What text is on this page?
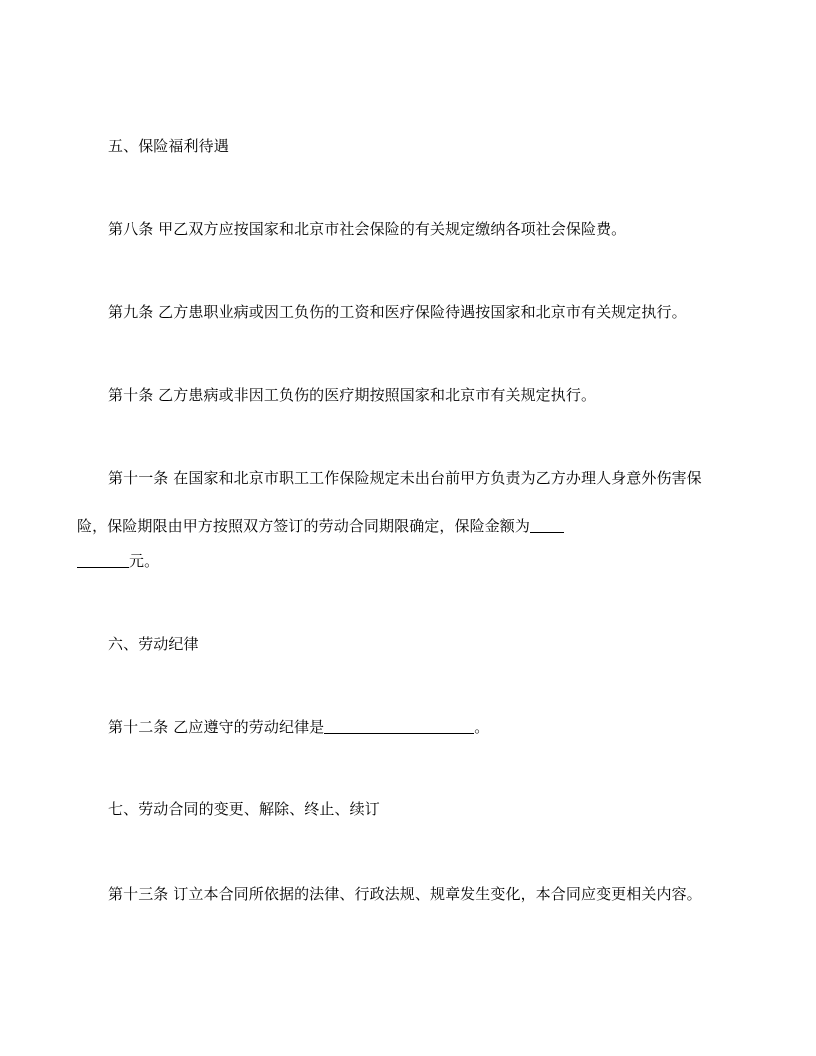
五、保险福利待遇
第八条 甲乙双方应按国家和北京市社会保险的有关规定缴纳各项社会保险费。
第九条 乙方患职业病或因工负伤的工资和医疗保险待遇按国家和北京市有关规定执行。
第十条 乙方患病或非因工负伤的医疗期按照国家和北京市有关规定执行。
第十一条 在国家和北京市职工工作保险规定未出台前甲方负责为乙方办理人身意外伤害保
险，保险期限由甲方按照双方签订的劳动合同期限确定，保险金额为
元。
六、劳动纪律
第十二条 乙应遵守的劳动纪律是	。
七、劳动合同的变更、解除、终止、续订
第十三条 订立本合同所依据的法律、行政法规、规章发生变化，本合同应变更相关内容。
